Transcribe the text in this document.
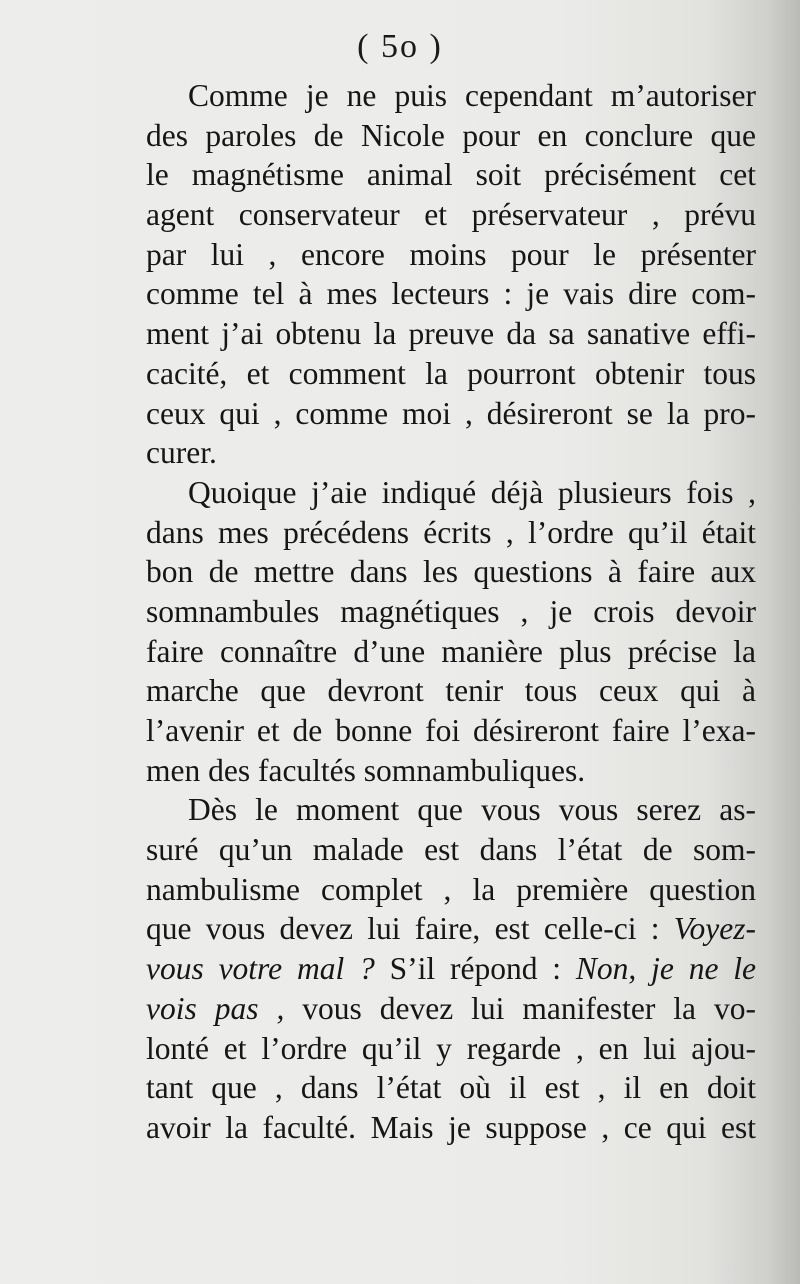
( 5o )
Comme je ne puis cependant m’autoriser
des paroles de Nicole pour en conclure que
le magnétisme animal soit précisément cet
agent conservateur et préservateur , prévu
par lui , encore moins pour le présenter
comme tel à mes lecteurs : je vais dire com-
ment j’ai obtenu la preuve da sa sanative effi-
cacité, et comment la pourront obtenir tous
ceux qui , comme moi , désireront se la pro-
curer.
Quoique j’aie indiqué déjà plusieurs fois ,
dans mes précédens écrits , l’ordre qu’il était
bon de mettre dans les questions à faire aux
somnambules magnétiques , je crois devoir
faire connaître d’une manière plus précise la
marche que devront tenir tous ceux qui à
l’avenir et de bonne foi désireront faire l’exa-
men des facultés somnambuliques.
Dès le moment que vous vous serez as-
suré qu’un malade est dans l’état de som-
nambulisme complet , la première question
que vous devez lui faire, est celle-ci : Voyez-
vous votre mal ? S’il répond : Non, je ne le
vois pas , vous devez lui manifester la vo-
lonté et l’ordre qu’il y regarde , en lui ajou-
tant que , dans l’état où il est , il en doit
avoir la faculté. Mais je suppose , ce qui est
